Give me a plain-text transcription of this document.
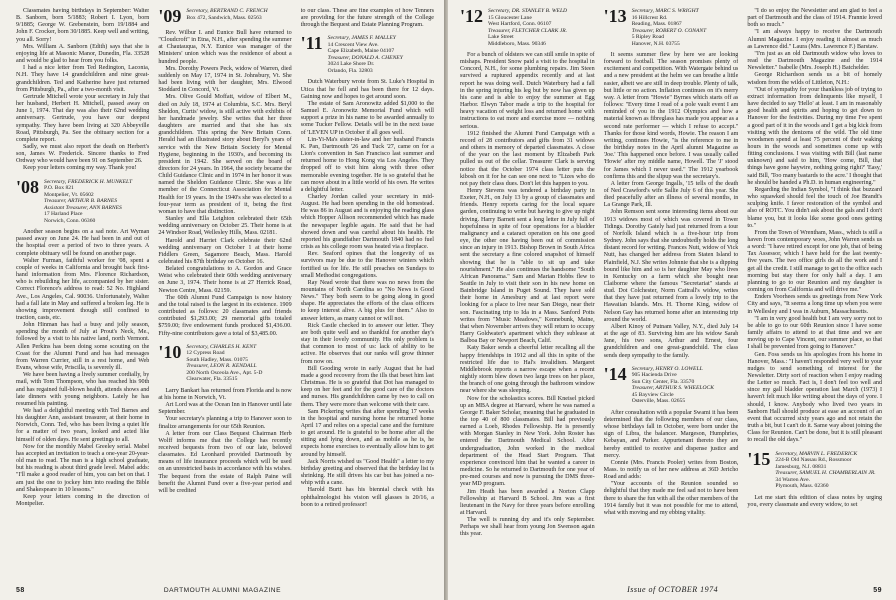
Classmates having birthdays in September: Walter B. Sanborn, born 5/1883; Robert I. Lyon, born 9/1885; George W. Grebenstein, born 19/1884 and John F. Crocker, born 30/1885. Keep well and writing, you all. Sorry!

Mrs. William A. Sanborn (Edith) says that she is enjoying life at Masonic Manor, Dunedin, Fla. 33528 and would be glad to hear from you folks.

I had a nice letter from Ted Redington, Laconia, N.H. They have 14 grandchildren and nine great-grandchildren. Ted and Katherine have just returned from Pittsburgh, Pa., after a two-month visit.

Gertrude Mitchell wrote your secretary in July that her husband, Herbert H. Mitchell, passed away on June 1, 1974. That day was also their 62nd wedding anniversary. Gertrude, you have our deepest sympathy. They have been living at 320 Abbeyville Road, Pittsburgh, Pa. See the obituary section for a complete report.

Sadly, we must also report the death on Herbert's son, James W. Frederick. Sincere thanks to Fred Ordway who would have been 91 on September 26.

Keep your letters coming my way. Thank you!

'08 Secretary, FREDERICK H. MUNKELT
P.O. Box 821
Montpelier, Vt. 05602
Treasurer, ARTHUR B. BARNES
Assistant Treasurer, ANN BARNES
17 Harland Place
Norwich, Conn. 06360

Another season begins on a sad note. Art Wyman passed away on June 24. He had been in and out of the hospital over a period of two to three years. A complete obituary will be found on another page.

Walter Furman, faithful worker for '08, spent a couple of weeks in California and brought back first-hand information from Mrs. Florence Richardson, who is rebuilding her life, accompanied by her sister. Correct Florence's address to read: 52 No. Highland Ave., Los Angeles, Cal. 90036. Unfortunately, Walter had a fall late in May and suffered a broken leg. He is showing improvement though still confined to traction, casts, etc.

John Hinman has had a busy and jolly season, spending the month of July at Prout's Neck, Me., followed by a visit to his native land, north Vermont. Allen Perkins has been doing some scouting on the Coast for the Alumni Fund and has had messages from Warren Currier, still in a rest home, and Web Evans, whose wife, Priscilla, is severely ill.

We have been having a lively summer cordially, by mail, with Tom Thompson, who has reached his 90th and has regained full-blown health, attends shows and late dinners with young neighbors. Lately he has resumed his painting.

We had a delightful meeting with Ted Barnes and his daughter Ann, assistant treasurer, at their home in Norwich, Conn. Ted, who has been living a quiet life for a matter of two years, looked and acted like himself of olden days. He sent greetings to all.

Now for the monthly Mabel Greeley serial. Mabel has accepted an invitation to teach a one-year 20-year-old man to read. The man is a high school graduate, but his reading is about third grade level. Mabel adds: "I'll make a good reader of him, you can bet on that. I am just the one to jockey him into reading the Bible and Shakespeare in 10 lessons."

Keep your letters coming in the direction of Montpelier.

'09 Secretary, BERTRAND C. FRENCH
Box 472, Sandwich, Mass. 02563

Rev. Wilbur I. and Eunice Bull have returned to "Cloudcroft" in Etna, N.H., after spending the summer at Chautauqua, N.Y. Eunice was manager of the Ministers' union which was the residence of about a hundred people.

Mrs. Dorothy Powers Peck, widow of Warren, died suddenly on May 17, 1974 in St. Johnsbury, Vt. She had been living with her daughter, Mrs. Elwood Stoddard in Concord, Vt.

Mrs. Olive Gould Moffatt, widow of Elbert M., died on July 18, 1974 at Columbia, S.C. Mrs. Beryl Sheldon, Curtis' widow, is still active with exhibits of her handmade jewelry. She writes that her three daughters are married and that she has six grandchildren. This spring the New Britain Conn. Herald had an illustrated story about Beryl's years of service with the New Britain Society for Mental Hygiene, beginning in the 1930's, and becoming its president in 1942. She served on the board of directors for 24 years. In 1964, the society became the Child Guidance Clinic and in 1974 in her honor it was named the Sheldon Guidance Clinic. She was a life member of the Connecticut Association for Mental Health for 19 years. In the 1940's she was elected to a four-year term as president of it, being the first woman to have that distinction.

Stanley and Ella Leighton celebrated their 65th wedding anniversary on October 25. Their home is at 24 Windsor Road, Wellesley Hills, Mass. 02181.

Harold and Harriet Clark celebrate their 62nd wedding anniversary on October 1 at their home Fiddlers Green, Sagamore Beach, Mass. Harold celebrated his 87th birthday on October 16.

Belated congratulations to A. Gordon and Grace Weist who celebrated their 60th wedding anniversary on June 3, 1974. Their home is at 27 Herrick Road, Newton Centre, Mass. 02159.

The 60th Alumni Fund Campaign is now history and the total raised is the largest in its existence. 1909 contributed as follows: 20 classmates and friends contributed $1,293.00; 29 memorial gifts totaled $759.00; five endowment funds produced $1,436.00. Fifty-nine contributors gave a total of $3,485.00.

'10 Secretary, CHARLES H. KENT
12 Cypress Road
South Hadley, Mass. 01075
Treasurer, LEON R. KENDALL
200 North Osceola Ave., Apt. 5-D
Clearwater, Fla. 33515

Larry Bankart has returned from Florida and is now at his home in Norwich, Vt.

Art Lord was at the Ocean Inn in Hanover until late September.

Your secretary's planning a trip to Hanover soon to finalize arrangements for our 65th Reunion.

A letter from our Class Bequest Chairman Herb Wolff informs me that the College has recently received bequests from two of our late, beloved classmates. Ed Leonhard provided Dartmouth by means of life insurance proceeds which will be used on an unrestricted basis in accordance with his wishes. The bequest from the estate of Ralph Paine will benefit the Alumni Fund over a five-year period and will be credited

to our class. These are fine examples of how Tenners are providing for the future strength of the College through the Bequest and Estate Planning Program.

'11 Secretary, JAMES F. MALLEY
14 Crescent View Ave.
Cape Elizabeth, Maine 04107
Treasurer, DONALD A. CHENEY
3024 Lake Shore Dr.
Orlando, Fla. 32803

Dutch Waterbury wrote from St. Luke's Hospital in Utica that he fell and has been there for 12 days. Gaining now and hopes to get around soon.

The estate of Sam Aronowitz added $1,000 to the Samuel E. Aronowitz Memorial Fund which will support a prize in his name to be awarded annually to some Tucker Fellow. Details will be in the next issue of 'LEVEN UP in October if all goes well.

Lin-Yi-Ma's sister-in-law and her husband Francis K. Pan, Dartmouth '26 and Tuck '27, came on for a Lion's convention in San Francisco last summer and returned home to Hong Kong via Los Angeles. They dropped off to visit him along with three other memorable evening together. He is so grateful that he can move about in a little world of his own. He writes a delightful letter.

Charley Jordan called your secretary in mid-August. He had been spending in the old homestead. He was 86 in August and is enjoying the reading glass which Hopper Allison recommended which has made the newspaper legible again. He said that he had showed down and was careful about his health. He reported his grandfather Dartmouth 1840 had no fuel crisis as his college room was heated via a fireplace.

Rev. Seaford opines that the longevity of us survivors may be due to the Hanover winters which fortified us for life. He still preaches on Sundays to small Methodist congregations.

Ray Nead wrote that there was no news from the mountains of North Carolina so "No News is Good News." They both seem to be going along in good shape. He appreciates the efforts of the class officers to keep interest alive. A big plus for them." Also to answer letters, as many cannot or will not.

Rick Castle checked in to answer our letter. They are both quite well and so thankful for another day's stay in their lovely community. His only problem is that common to most of us: lack of ability to be active. He observes that our ranks will grow thinner from now on.

Bill Gooding wrote in early August that he had made a good recovery from the ills that beset him last Christmas. He is so grateful that Dot has managed to keep on her feet and for the good care of the doctors and nurses. His grandchildren came by two to call on them. They were more than welcome with their care.

Sam Pickering writes that after spending 17 weeks in the hospital and nursing home he returned home April 17 and relies on a special cane and the furniture to get around. He is grateful to be home after all the sitting and lying down, and as mobile as he is, he expects home exercises to eventually allow him to get around by himself.

Jack Norris wished us "Good Health" a letter to my birthday greeting and observed that the birthday list is shrinking. He still drives his car but has joined a no-whip with a cane.

Harold Burtt has his biennial check with his ophthalmologist his vision will glasses is 20/16, a boon to a retired professor!

58	DARTMOUTH ALUMNI MAGAZINE
'12 Secretary, DR. STANLEY B. WELD
15 Gloucester Lane
West Hartford, Conn. 06107
Treasurer, FLETCHER CLARK JR.
Lake Street
Middleboro, Mass. 90346

For a bunch of oldsters we can still smile in spite of mishaps. President Snow paid a visit to the hospital in Concord, N.H., for some plumbing repairs. Jim Steen survived a ruptured appendix recently and at last report he was doing well. Dutch Waterbury had a fall in the spring injuring his leg but by now has given up his cane and is able to enjoy the summer at Egg Harbor. Elwyn Tabor made a trip to the hospital for heavy vacation of weight loss and returned home with instructions to eat more and exercise more — nothing serious.

1912 finished the Alumni Fund Campaign with a record of 28 contributors and gifts from 31 widows and others in memory of departed classmates. A close of the year on the last moment by Elizabeth Park pulled us out of the cellar. Treasurer Clark is serving notice that the October 1974 class letter puts the kibosh on it for he can see one next to "Lizes who do not pay their class dues. Don't let this happen to you.

Henry Stevens was tendered a birthday party in Exeter, N.H., on July 13 by a group of classmates and friends. Henry reports caring for the local square garden, continuing to write but having to give up night driving. Harry Barnett sent a long letter in July full of hopefulness in spite of four operations for a bladder malignancy and a cataract operation on his one good eye, the other one having been out of commission since an injury in 1913. Bishop Brown in South Africa sent the secretary a fine colored snapshot of himself showing that he is "able to sit up and take nourishment." He also continues the handsome "South African Panorama." Sam and Marian Hobbs flew to Seattle in July to visit their son in his new home on Bainbridge Island in Puget Sound. They have sold their home in Amesbury and at last report were looking for a place to live near San Diego, near their son. Fascinating trip to Ida in a Mass. Sanford Potts writes from "Music Meadows," Kennebunk, Maine, that when November arrives they will return to occupy Harry Goldwater's apartment which they sublease at Balboa Bay or Newport Beach, Calif.

Katy Baker sends a cheerful letter recalling all the happy friendships in 1912 and all this in spite of the restricted life due to Hal's invalidism. Margaret Middlebrook reports a narrow escape when a recent nightly storm blew down two large trees on her place, the branch of one going through the bathroom window near where she was sleeping.

Now for the scholastics scores. Bill Kneisel picked up an MBA degree at Harvard, where he was named a George F. Baker Scholar, meaning that he graduated in the top 40 of 800 classmates. Bill had previously earned a Loeb, Rhodes Fellowship. He is presently with Morgan Stanley in New York. John Roster has entered the Dartmouth Medical School. After undergraduation, John worked in the medical department of the Head Start Program. That experience convinced him that he wanted a career in medicine. So he returned to Dartmouth for one year of pre-med courses and now is pursuing the DMS three-year MD program.

Jim Heath has been awarded a Norton Clapp Fellowship at Harvard B School. Jim was a first lieutenant in the Navy for three years before enrolling at Harvard.

The well is running dry and it's only September. Perhaps we shall hear from young Jon Swenson again this year.

'13 Secretary, MARC S. WRIGHT
16 Hillcrest Rd.
Reading, Mass. 01867
Treasurer, ROBERT O. CONANT
5 Ripley Road
Hanover, N.H. 03755

It seems summer flew by here we are looking forward to football. The season promises plenty of excitement and competition. With Watergate behind us and a new president at the helm we can breathe a little easier, albeit we are still in deep trouble. Plenty of talk, but little or no action. Inflation continues on it's merry way. A letter from "Howie" Byrnes which starts off as follows: "Every time I read of a pole vault event I am reminded of you in the 1912 Olympics and how a material known as fibreglass has made you appear as a second rate performer — which I refuse to accept." Thanks for those kind words, Howie. The reason I am writing, continues Howie, "is the reference to me in the birthday notes in the April alumni Magazine as 'Joe.' This happened once before. I was usually called 'Howie' after my middle name, Howell. The 'J' stood for James which I never used." The 1912 yearbook confirms this and the slipup was the secretary's.

A letter from George Ingalls, '15 tells of the death of Ned Crawford's wife Sallie July 6 of this year. She died peacefully after an illness of several months, in La Grange Park, Ill.

John Remson sent some interesting items about our 1913 widows most of which was covered in Tower Tidings. Dorothy Gately had just returned from a tour of Norfolk Island which is a five-hour trip from Sydney. John says that she undoubtedly holds the long distant record for writing. Frances Nutt, widow of Vick Nutt, has changed her address from Staten Island to Plainfield, N.J. She writes Johnnie that she is a dipping bound like him and so is her daughter May who lives in Kentucky on a farm which she bought near Claiborne where the famous "Secretariat" stands at stud. Dot Colchester, Norm Cattrall's widow, writes that they have just returned from a lovely trip to the Hawaiian Islands. Mrs. H. Thorne King, widow of Nelson Gay has returned home after an interesting trip around the world.

Albert Kinoy of Putnam Valley, N.Y., died July 14 at the age of 83. Surviving him are his widow Sarah Jane, his two sons, Arthur and Ernest, four grandchildren and one great-grandchild. The class sends deep sympathy to the family.

'14 Secretary, HENRY O. LOWELL
905 Hacienda Drive
Sun City Center, Fla. 33570
Treasurer, ARTHUR S. WHEELOCK
45 Bayview Circle
Osterville, Mass. 02655

After consultation with a popular Swami it has been determined that the following members of our class, whose birthdays fall in October, were born under the sign of Libra, the balancer. Margeson, Humphries, Kebayan, and Parker. Appurtenant thereto they are hereby entitled to receive and dispense justice and mercy.

Connie (Mrs. Francis Pooler) writes from Boston, Mass. to notify us of her new address at 36D Jericho Road and adds:

"Your accounts of the Reunion sounded so delightful that they made me feel sad not to have been there to share the fun with all the other members of the 1914 family but it was not possible for me to attend, what with moving and my ebbing vitality.

"I do so enjoy the Newsletter and am glad to feel a part of Dartmouth and the class of 1914. Frannie loved both so much."

"I am always happy to receive the Dartmouth Alumni Magazine. I enjoy reading it almost as much as Lawrence did." Laura (Mrs. Lawrence F.) Barstaw.

"I'm just as an old Dartmouth widow who loves to read the Dartmouth Magazine and the 1914 Newsletter." Isabelle (Mrs. Joseph H.) Batchelder.

George Richardson sends us a bit of homely wisdom from the wilds of Littleton, N.H.:

"Out of sympathy for your thankless job of trying to extract information from delinquents like myself, I have decided to say 'Hello' at least. I am in reasonably good health and spirits and hoping to get down to Hanover for the festivities. During my time I've spent a good part of it in the woods and I get a big kick from visiting with the denizens of the wild. The old time woodsmen spend at least 75 percent of their waking hours in the woods and sometimes come up with fitting conclusions. I was visiting with Bill (last name unknown) and said to him, 'How come, Bill, that things have gone haywire, nothing going right?' 'Easy,' said Bill, 'Too many bastards to the acre.' I thought that he should be handed a Ph.D. in human engineering."

Regarding the Indian Symbol, "I think that buzzard who squawked should feel the touch of Joe Brandt's sculping knife. I favor restoration of the symbol and also of ROTC. You didn't ask about the gals and I don't blame you, but it looks like some good ones getting to."

From the Town of Wrentham, Mass., which is still a haven from contemporary woes, John Warren sends us a word: "I have retired except for one job, that of being Tax Assessor, which I have held for the last twenty-five years. The two office girls do all the work and I get all the credit. I still manage to get to the office each morning but stay there for only half a day. I am planning to go to our Reunion and my daughter is coming on from California and will drive me."

Enders Voorhees sends us greetings from New York City and says, "It seems a long time up when you were in Wellesley and I was in Auburn, Massachusetts.

"I am in very good health but I am very sorry not to be able to go to our 60th Reunion since I have some family affairs to attend to at that time and we are moving up to Cape Vincent, our summer place, so that I shall be prevented from going to Hanover."

Gen. Foss sends us his apologies from his home in Hanover, Mass.: "I haven't responded very well to your nudges to send something of interest for the Newsletter. Dirty sort of reaction when I enjoy reading the Letter so much. Fact is, I don't feel too well and since my gall bladder operation last March (1973) I haven't felt much like writing about the days of yore. I should, I know. Anybody who lived two years in Sanborn Hall should produce at ease an account of an event that occurred sixty years ago and not retain the truth a bit, but I can't do it. Same way about joining the Class for Reunion. Can't be done, but it is still pleasant to recall the old days."

'15 Secretary, MARVIN L. FREDERICK
224-B Old Nassau Rd., Rossmoor
Jamesburg, N.J. 08831
Treasurer, SAMUEL H. CHAMBERLAIN JR.
34 Warren Ave.
Plymouth, Mass. 02360

Let me start this edition of class notes by urging you, every classmate and every widow, to set

Issue of OCTOBER 1974	59
